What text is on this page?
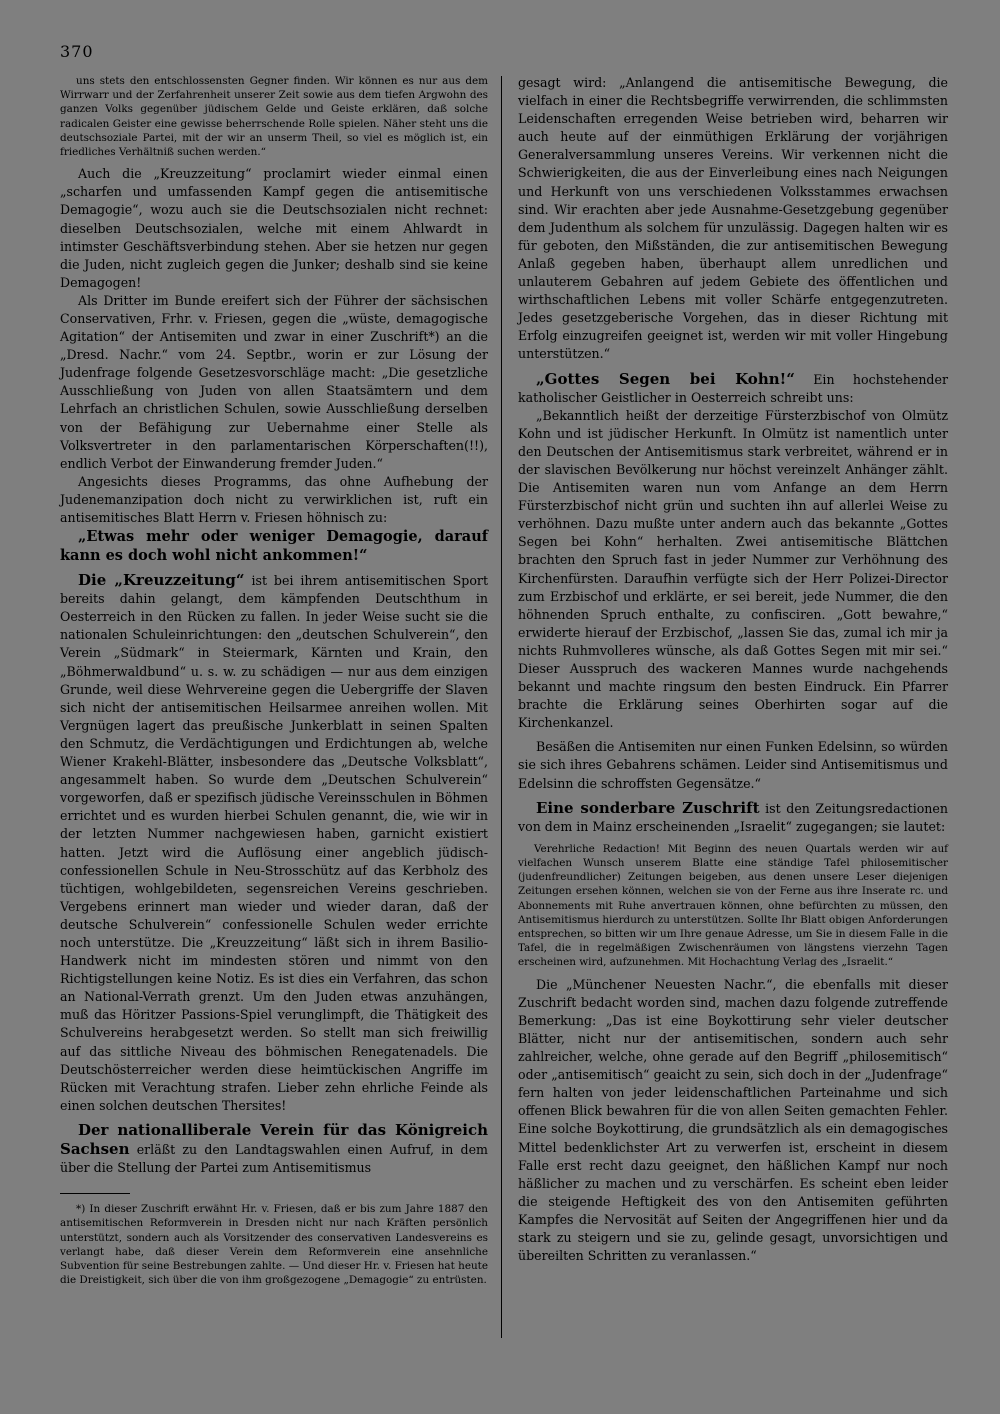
370

uns stets den entschlossensten Gegner finden. Wir können es nur aus dem Wirrwarr und der Zerfahrenheit unserer Zeit sowie aus dem tiefen Argwohn des ganzen Volks gegenüber jüdischem Gelde und Geiste erklären, daß solche radicalen Geister eine gewisse beherrschende Rolle spielen. Näher steht uns die deutschsoziale Partei, mit der wir an unserm Theil, so viel es möglich ist, ein friedliches Verhältniß suchen werden.“

Auch die „Kreuzzeitung“ proclamirt wieder einmal einen „scharfen und umfassenden Kampf gegen die antisemitische Demagogie“, wozu auch sie die Deutschsozialen nicht rechnet: dieselben Deutschsozialen, welche mit einem Ahlwardt in intimster Geschäftsverbindung stehen. Aber sie hetzen nur gegen die Juden, nicht zugleich gegen die Junker; deshalb sind sie keine Demagogen!

Als Dritter im Bunde ereifert sich der Führer der sächsischen Conservativen, Frhr. v. Friesen, gegen die „wüste, demagogische Agitation“ der Antisemiten und zwar in einer Zuschrift*) an die „Dresd. Nachr.“ vom 24. Septbr., worin er zur Lösung der Judenfrage folgende Gesetzesvorschläge macht: „Die gesetzliche Ausschließung von Juden von allen Staatsämtern und dem Lehrfach an christlichen Schulen, sowie Ausschließung derselben von der Befähigung zur Uebernahme einer Stelle als Volksvertreter in den parlamentarischen Körperschaften(!!), endlich Verbot der Einwanderung fremder Juden.“

Angesichts dieses Programms, das ohne Aufhebung der Judenemanzipation doch nicht zu verwirklichen ist, ruft ein antisemitisches Blatt Herrn v. Friesen höhnisch zu:

„Etwas mehr oder weniger Demagogie, darauf kann es doch wohl nicht ankommen!“

Die „Kreuzzeitung“ ist bei ihrem antisemitischen Sport bereits dahin gelangt, dem kämpfenden Deutschthum in Oesterreich in den Rücken zu fallen. In jeder Weise sucht sie die nationalen Schuleinrichtungen: den „deutschen Schulverein“, den Verein „Südmark“ in Steiermark, Kärnten und Krain, den „Böhmerwaldbund“ u. s. w. zu schädigen — nur aus dem einzigen Grunde, weil diese Wehrvereine gegen die Uebergriffe der Slaven sich nicht der antisemitischen Heilsarmee anreihen wollen. Mit Vergnügen lagert das preußische Junkerblatt in seinen Spalten den Schmutz, die Verdächtigungen und Erdichtungen ab, welche Wiener Krakehl-Blätter, insbesondere das „Deutsche Volksblatt“, angesammelt haben. So wurde dem „Deutschen Schulverein“ vorgeworfen, daß er spezifisch jüdische Vereinsschulen in Böhmen errichtet und es wurden hierbei Schulen genannt, die, wie wir in der letzten Nummer nachgewiesen haben, garnicht existiert hatten. Jetzt wird die Auflösung einer angeblich jüdisch-confessionellen Schule in Neu-Strosschütz auf das Kerbholz des tüchtigen, wohlgebildeten, segensreichen Vereins geschrieben. Vergebens erinnert man wieder und wieder daran, daß der deutsche Schulverein“ confessionelle Schulen weder errichte noch unterstütze. Die „Kreuzzeitung“ läßt sich in ihrem Basilio-Handwerk nicht im mindesten stören und nimmt von den Richtigstellungen keine Notiz. Es ist dies ein Verfahren, das schon an National-Verrath grenzt. Um den Juden etwas anzuhängen, muß das Höritzer Passions-Spiel verunglimpft, die Thätigkeit des Schulvereins herabgesetzt werden. So stellt man sich freiwillig auf das sittliche Niveau des böhmischen Renegatenadels. Die Deutschösterreicher werden diese heimtückischen Angriffe im Rücken mit Verachtung strafen. Lieber zehn ehrliche Feinde als einen solchen deutschen Thersites!

Der nationalliberale Verein für das Königreich Sachsen erläßt zu den Landtagswahlen einen Aufruf, in dem über die Stellung der Partei zum Antisemitismus

*) In dieser Zuschrift erwähnt Hr. v. Friesen, daß er bis zum Jahre 1887 den antisemitischen Reformverein in Dresden nicht nur nach Kräften persönlich unterstützt, sondern auch als Vorsitzender des conservativen Landesvereins es verlangt habe, daß dieser Verein dem Reformverein eine ansehnliche Subvention für seine Bestrebungen zahlte. — Und dieser Hr. v. Friesen hat heute die Dreistigkeit, sich über die von ihm großgezogene „Demagogie“ zu entrüsten.

gesagt wird: „Anlangend die antisemitische Bewegung, die vielfach in einer die Rechtsbegriffe verwirrenden, die schlimmsten Leidenschaften erregenden Weise betrieben wird, beharren wir auch heute auf der einmüthigen Erklärung der vorjährigen Generalversammlung unseres Vereins. Wir verkennen nicht die Schwierigkeiten, die aus der Einverleibung eines nach Neigungen und Herkunft von uns verschiedenen Volksstammes erwachsen sind. Wir erachten aber jede Ausnahme-Gesetzgebung gegenüber dem Judenthum als solchem für unzulässig. Dagegen halten wir es für geboten, den Mißständen, die zur antisemitischen Bewegung Anlaß gegeben haben, überhaupt allem unredlichen und unlauterem Gebahren auf jedem Gebiete des öffentlichen und wirthschaftlichen Lebens mit voller Schärfe entgegenzutreten. Jedes gesetzgeberische Vorgehen, das in dieser Richtung mit Erfolg einzugreifen geeignet ist, werden wir mit voller Hingebung unterstützen.“

„Gottes Segen bei Kohn!“ Ein hochstehender katholischer Geistlicher in Oesterreich schreibt uns:

„Bekanntlich heißt der derzeitige Fürsterzbischof von Olmütz Kohn und ist jüdischer Herkunft. In Olmütz ist namentlich unter den Deutschen der Antisemitismus stark verbreitet, während er in der slavischen Bevölkerung nur höchst vereinzelt Anhänger zählt. Die Antisemiten waren nun vom Anfange an dem Herrn Fürsterzbischof nicht grün und suchten ihn auf allerlei Weise zu verhöhnen. Dazu mußte unter andern auch das bekannte „Gottes Segen bei Kohn“ herhalten. Zwei antisemitische Blättchen brachten den Spruch fast in jeder Nummer zur Verhöhnung des Kirchenfürsten. Daraufhin verfügte sich der Herr Polizei-Director zum Erzbischof und erklärte, er sei bereit, jede Nummer, die den höhnenden Spruch enthalte, zu confisciren. „Gott bewahre,“ erwiderte hierauf der Erzbischof, „lassen Sie das, zumal ich mir ja nichts Ruhmvolleres wünsche, als daß Gottes Segen mit mir sei.“ Dieser Ausspruch des wackeren Mannes wurde nachgehends bekannt und machte ringsum den besten Eindruck. Ein Pfarrer brachte die Erklärung seines Oberhirten sogar auf die Kirchenkanzel.

Besäßen die Antisemiten nur einen Funken Edelsinn, so würden sie sich ihres Gebahrens schämen. Leider sind Antisemitismus und Edelsinn die schroffsten Gegensätze.“

Eine sonderbare Zuschrift ist den Zeitungsredactionen von dem in Mainz erscheinenden „Israelit“ zugegangen; sie lautet:

Verehrliche Redaction! Mit Beginn des neuen Quartals werden wir auf vielfachen Wunsch unserem Blatte eine ständige Tafel philosemitischer (judenfreundlicher) Zeitungen beigeben, aus denen unsere Leser diejenigen Zeitungen ersehen können, welchen sie von der Ferne aus ihre Inserate rc. und Abonnements mit Ruhe anvertrauen können, ohne befürchten zu müssen, den Antisemitismus hierdurch zu unterstützen. Sollte Ihr Blatt obigen Anforderungen entsprechen, so bitten wir um Ihre genaue Adresse, um Sie in diesem Falle in die Tafel, die in regelmäßigen Zwischenräumen von längstens vierzehn Tagen erscheinen wird, aufzunehmen. Mit Hochachtung Verlag des „Israelit.“

Die „Münchener Neuesten Nachr.“, die ebenfalls mit dieser Zuschrift bedacht worden sind, machen dazu folgende zutreffende Bemerkung: „Das ist eine Boykottirung sehr vieler deutscher Blätter, nicht nur der antisemitischen, sondern auch sehr zahlreicher, welche, ohne gerade auf den Begriff „philosemitisch“ oder „antisemitisch“ geaicht zu sein, sich doch in der „Judenfrage“ fern halten von jeder leidenschaftlichen Parteinahme und sich offenen Blick bewahren für die von allen Seiten gemachten Fehler. Eine solche Boykottirung, die grundsätzlich als ein demagogisches Mittel bedenklichster Art zu verwerfen ist, erscheint in diesem Falle erst recht dazu geeignet, den häßlichen Kampf nur noch häßlicher zu machen und zu verschärfen. Es scheint eben leider die steigende Heftigkeit des von den Antisemiten geführten Kampfes die Nervosität auf Seiten der Angegriffenen hier und da stark zu steigern und sie zu, gelinde gesagt, unvorsichtigen und übereilten Schritten zu veranlassen.“
